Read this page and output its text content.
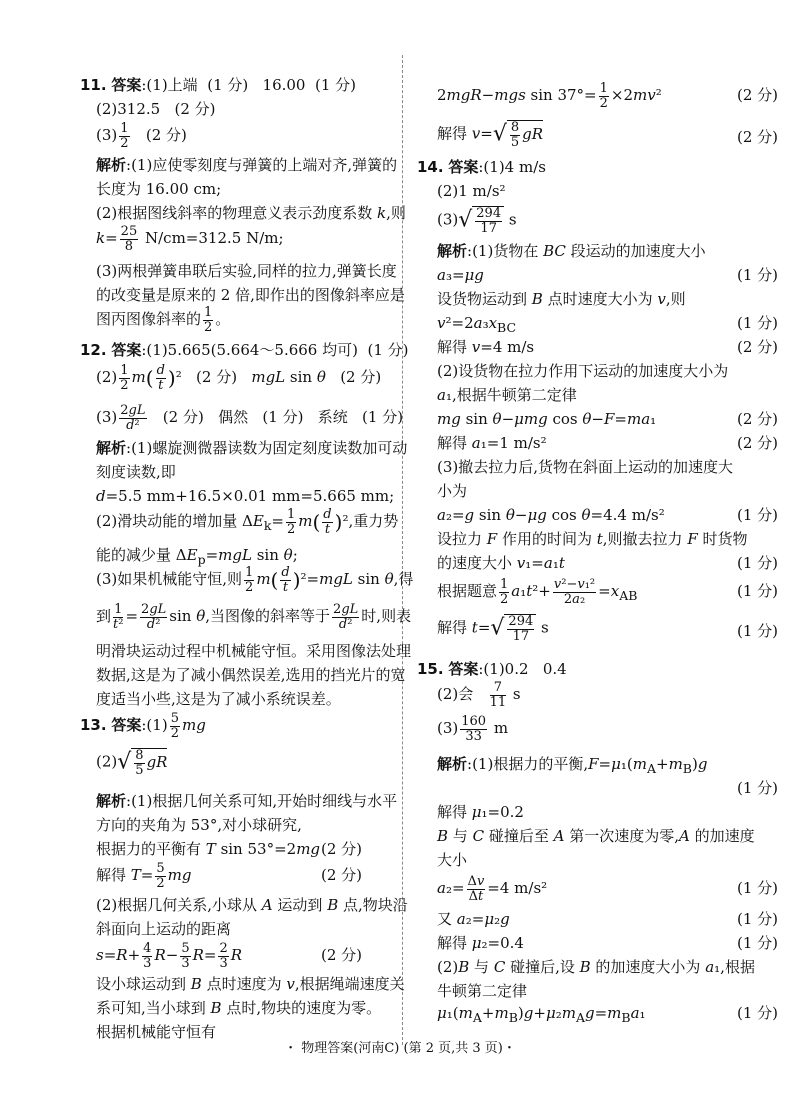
11. 答案:(1)上端  (1 分)   16.00  (1 分)
(2)312.5   (2 分)
$(3) \frac{1}{2} (2$ 分)
解析:(1)应使零刻度与弹簧的上端对齐,弹簧的
长度为 16.00 cm;
(2)根据图线斜率的物理意义表示劲度系数 k,则
$k= \frac{25}{8} N/cm=312.5$ N/m;
(3)两根弹簧串联后实验,同样的拉力,弹簧长度
的改变量是原来的 2 倍,即作出的图像斜率应是
图丙图像斜率的 $\frac{1}{2}$ 。
12. 答案:(1)5.665(5.664～5.666 均可)  (1 分)
$(2) \frac{1}{2} m( \frac{d}{t} )^2$   (2 分)   mgL sin θ   (2 分)
$(3) \frac{2gL}{\text{d²}} (2$ 分)   偶然   (1 分)   系统   (1 分)
解析:(1)螺旋测微器读数为固定刻度读数加可动
刻度读数,即
d=5.5 mm+16.5×0.01 mm=5.665 mm;
(2)滑块动能的增加量 $\Delta E_k= \frac{1}{2} m( \frac{d}{t} )^2$,重力势
能的减少量 $\Delta E_p=mgL$ sin θ;
(3)如果机械能守恒,则 $\frac{1}{2} m( \frac{d}{t} )^2=mgL$ sin θ,得
到 $\frac{1}{\text{t²}} = \frac{2gL}{\text{d²}}$ sin θ,当图像的斜率等于 $\frac{2gL}{\text{d²}}$ 时,则表
明滑块运动过程中机械能守恒。采用图像法处理
数据,这是为了减小偶然误差,选用的挡光片的宽
度适当小些,这是为了减小系统误差。
13. 答案:(1) $\frac{5}{2}$ mg
$(2)√ \frac{8}{5}$ gR
解析:(1)根据几何关系可知,开始时细线与水平
方向的夹角为 53°,对小球研究,
根据力的平衡有 T sin 53°=2mg (2 分)
解得 $T= \frac{5}{2}$ mg	(2 分)
(2)根据几何关系,小球从 A 运动到 B 点,物块沿
斜面向上运动的距离
$s=R+ \frac{4}{3} R- \frac{5}{3} R= \frac{2}{3}$ R	(2 分)
设小球运动到 B 点时速度为 v,根据绳端速度关
系可知,当小球到 B 点时,物块的速度为零。
根据机械能守恒有
2mgR−mgs $\sin 37^\circ= \frac{1}{2} \times 2mv^2$	(2 分)
解得 $v=√ \frac{8}{5}$ gR	(2 分)
14. 答案:(1)4 m/s
(2)1 m/s²
$(3)√ \frac{294}{17}$ s
解析:(1)货物在 BC 段运动的加速度大小
a₃=μg	(1 分)
设货物运动到 B 点时速度大小为 v,则
$v^2=2a_3x_{BC}$	(1 分)
解得 v=4 m/s	(2 分)
(2)设货物在拉力作用下运动的加速度大小为
a₁,根据牛顿第二定律
mg sin θ−μmg cos θ−F=ma₁	(2 分)
解得 a₁=1 m/s²	(2 分)
(3)撤去拉力后,货物在斜面上运动的加速度大
小为
a₂=g sin θ−μg cos θ=4.4 m/s²	(1 分)
设拉力 F 作用的时间为 t,则撤去拉力 F 时货物
的速度大小 v₁=a₁t	(1 分)
根据题意 $\frac{1}{2} a_1t^2+ \frac{\text{v²−v₁²}}{\text{2a₂}} =x_{AB}$	(1 分)
解得 $t=√ \frac{294}{17}$ s	(1 分)
15. 答案:(1)0.2   0.4
(2)会 $\frac{7}{11}$ s
$(3) \frac{160}{33}$ m
解析:(1)根据力的平衡$,F=\mu_1(m_A+m_B)g$
(1 分)
解得 μ₁=0.2
B 与 C 碰撞后至 A 第一次速度为零,A 的加速度
大小
$a_2= \frac{\Delta v}{\Delta t} =4$ m/s²	(1 分)
又 a₂=μ₂g	(1 分)
解得 μ₂=0.4	(1 分)
(2)B 与 C 碰撞后,设 B 的加速度大小为 a₁,根据
牛顿第二定律
$\mu_1(m_A+m_B)g+\mu_2m_Ag=m_Ba_1$	(1 分)
・ 物理答案(河南C) (第 2 页,共 3 页)・
